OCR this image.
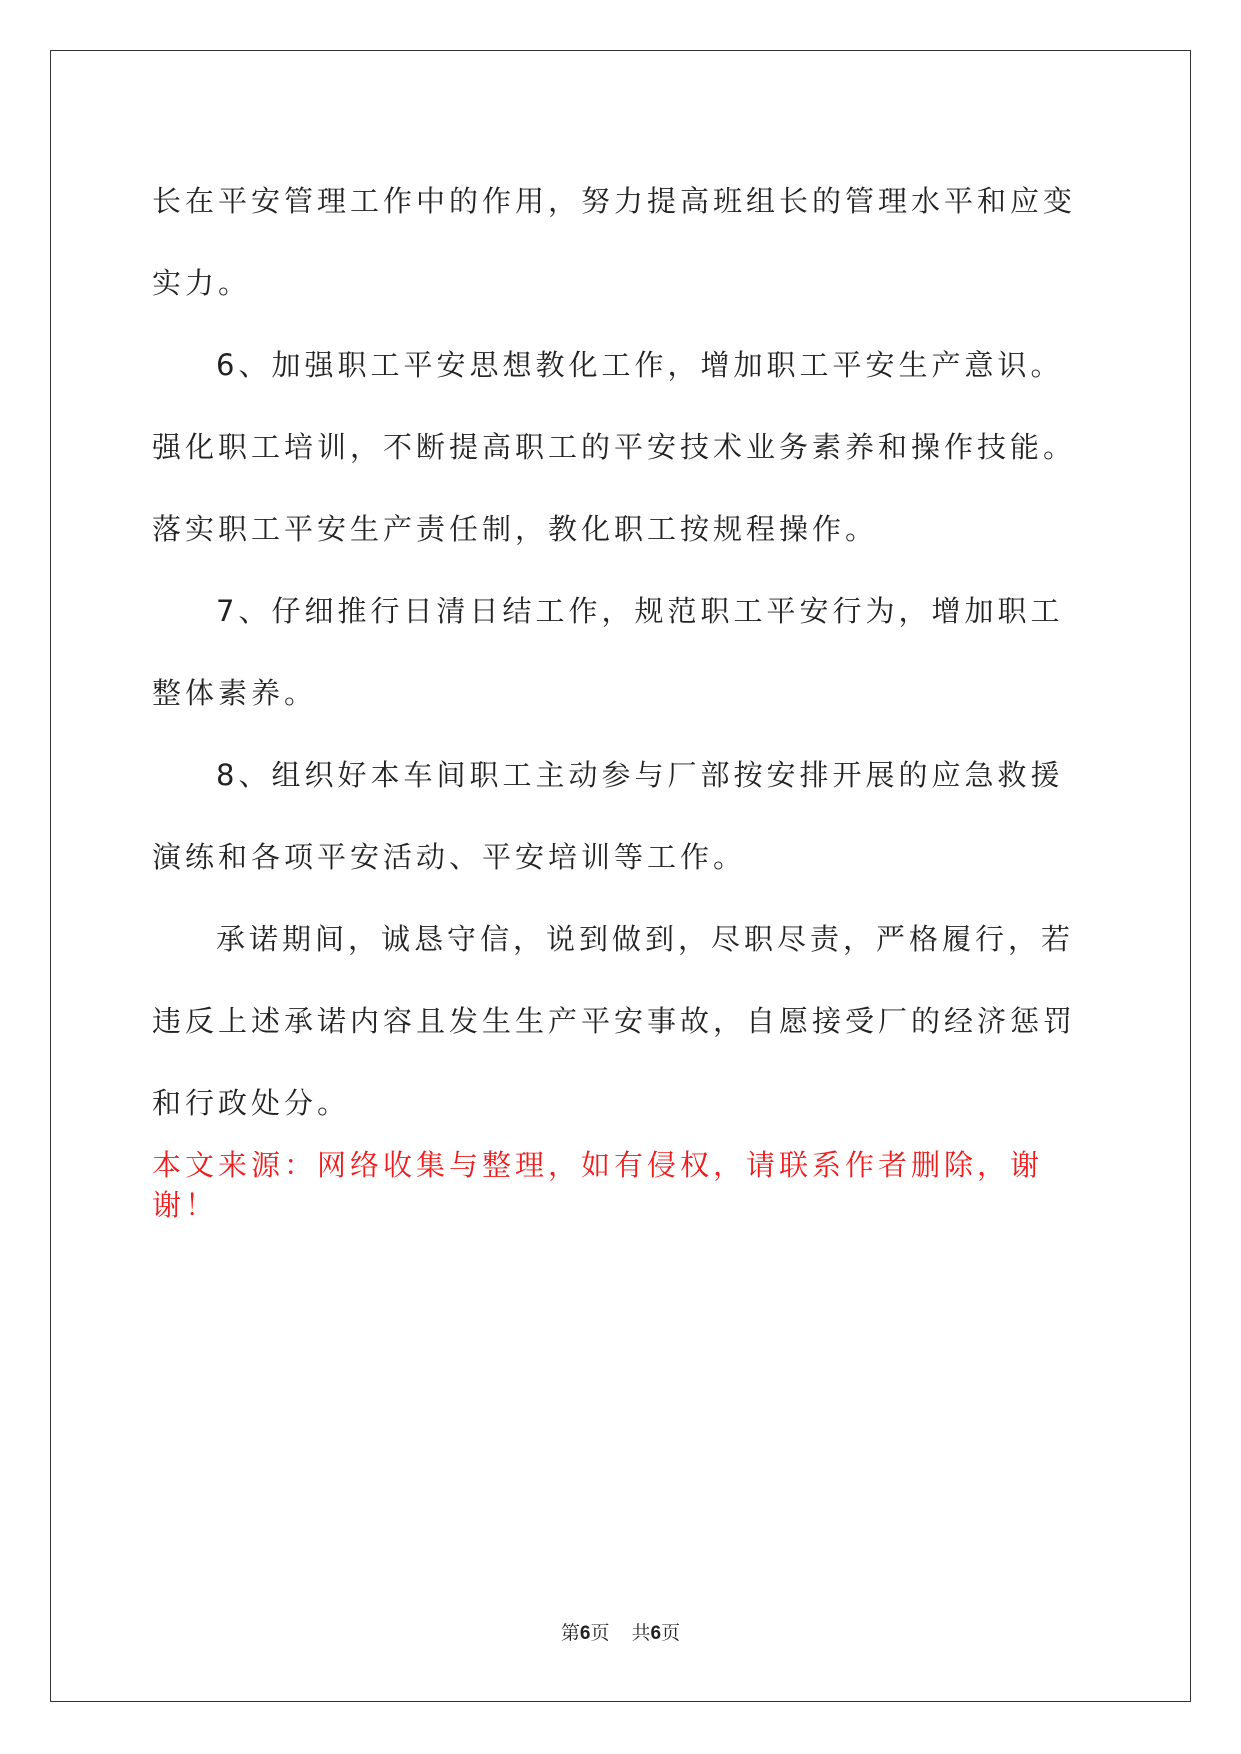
长在平安管理工作中的作用，努力提高班组长的管理水平和应变实力。

6、加强职工平安思想教化工作，增加职工平安生产意识。强化职工培训，不断提高职工的平安技术业务素养和操作技能。落实职工平安生产责任制，教化职工按规程操作。

7、仔细推行日清日结工作，规范职工平安行为，增加职工整体素养。

8、组织好本车间职工主动参与厂部按安排开展的应急救援演练和各项平安活动、平安培训等工作。

承诺期间，诚恳守信，说到做到，尽职尽责，严格履行，若违反上述承诺内容且发生生产平安事故，自愿接受厂的经济惩罚和行政处分。

本文来源：网络收集与整理，如有侵权，请联系作者删除，谢谢！
第6页 共6页
